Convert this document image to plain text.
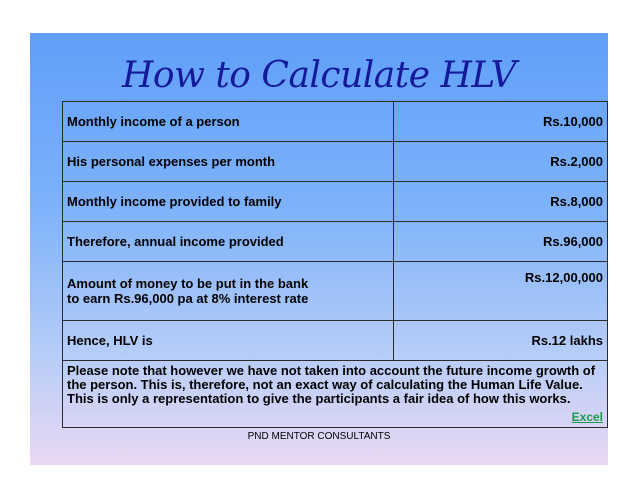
How to Calculate HLV
Monthly income of a person	Rs.10,000
His personal expenses per month	Rs.2,000
Monthly income provided to family	Rs.8,000
Therefore, annual income provided	Rs.96,000

Amount of money to be put in the bank
to earn Rs.96,000 pa at 8% interest rate	Rs.12,00,000
Hence, HLV is	Rs.12 lakhs
Please note that however we have not taken into account the future income growth of the person. This is, therefore, not an exact way of calculating the Human Life Value. This is only a representation to give the participants a fair idea of how this works.
Excel	
PND MENTOR CONSULTANTS
